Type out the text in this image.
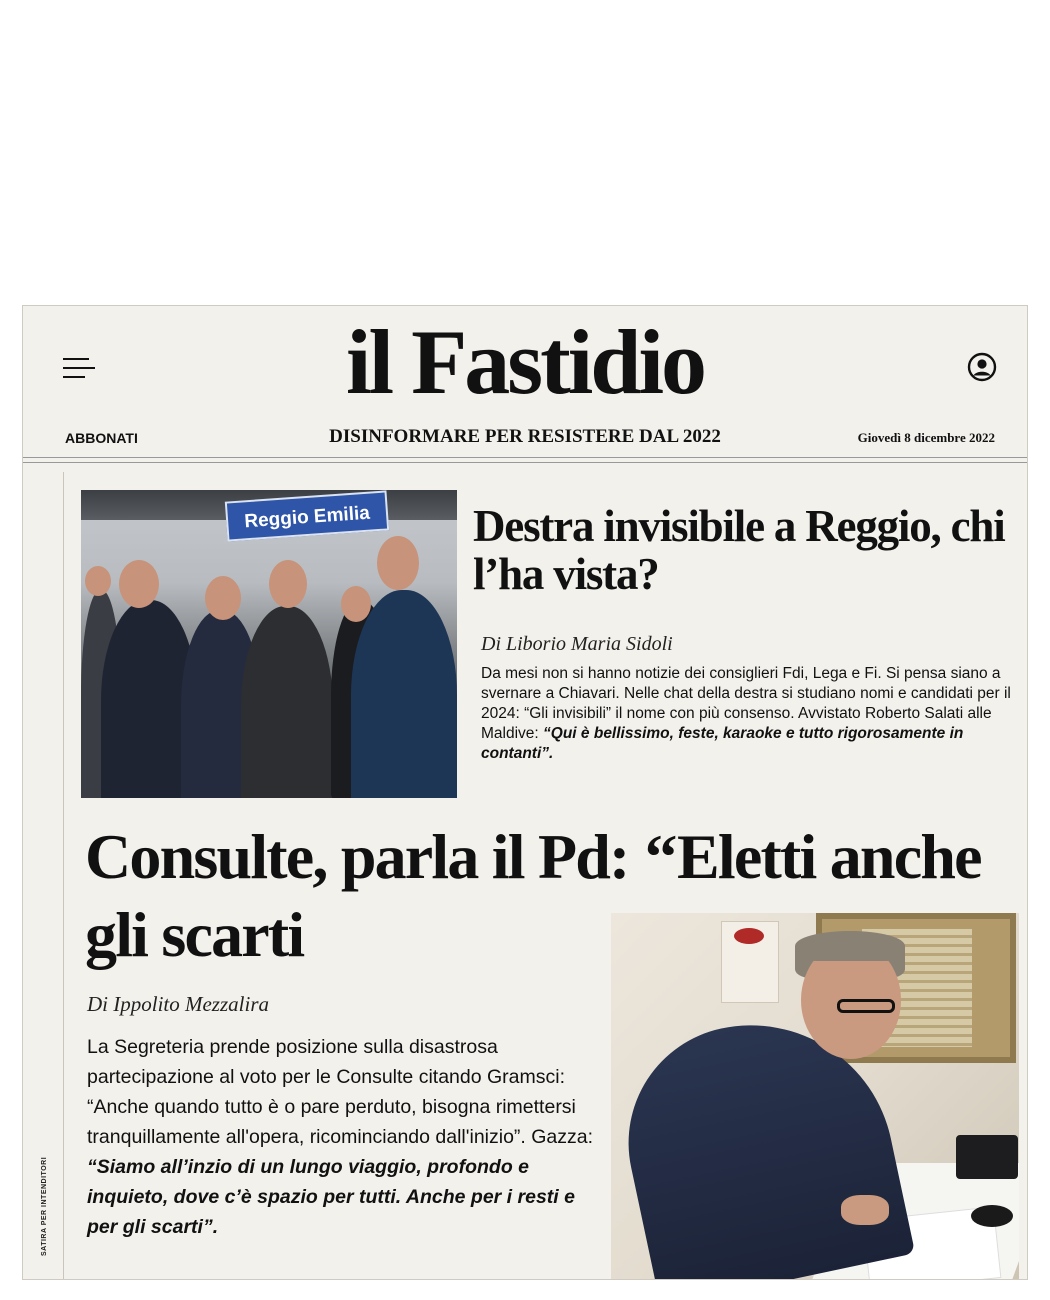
il Fastidio
ABBONATI	DISINFORMARE PER RESISTERE DAL 2022	Giovedì 8 dicembre 2022
SATIRA PER INTENDITORI
Reggio Emilia	Destra invisibile a Reggio, chi l’ha vista?
Di Liborio Maria Sidoli
Da mesi non si hanno notizie dei consiglieri Fdi, Lega e Fi. Si pensa siano a svernare a Chiavari. Nelle chat della destra si studiano nomi e candidati per il 2024: “Gli invisibili” il nome con più consenso. Avvistato Roberto Salati alle Maldive: “Qui è bellissimo, feste, karaoke e tutto rigorosamente in contanti”.
Consulte, parla il Pd: ‘‘Eletti anche gli scarti
Di Ippolito Mezzalira
La Segreteria prende posizione sulla disastrosa partecipazione al voto per le Consulte citando Gramsci: “Anche quando tutto è o pare perduto, bisogna rimettersi tranquillamente all'opera, ricominciando dall'inizio”. Gazza: “Siamo all’inzio di un lungo viaggio, profondo e inquieto, dove c’è spazio per tutti. Anche per i resti e per gli scarti”.
